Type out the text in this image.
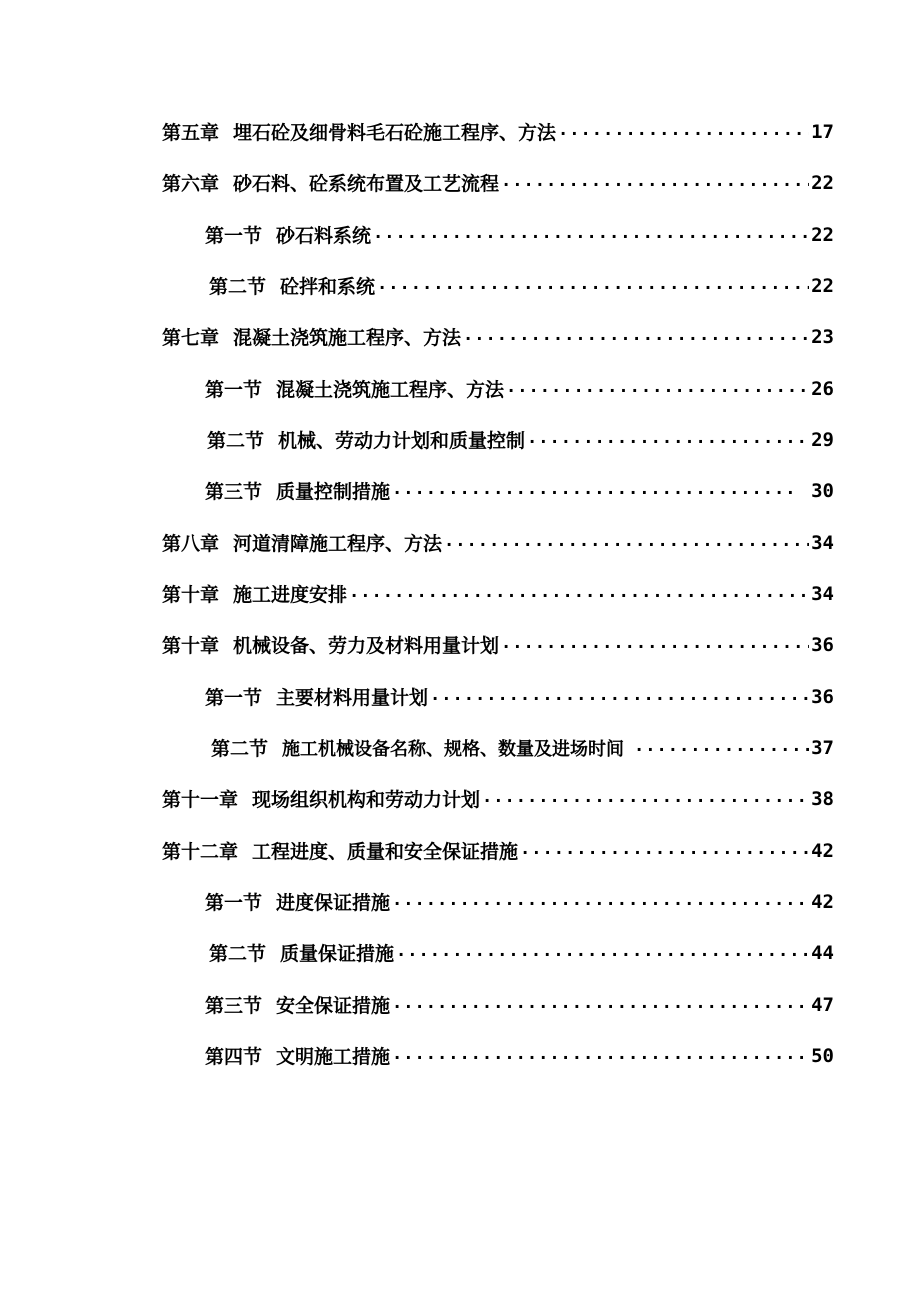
第五章 埋石砼及细骨料毛石砼施工程序、方法 .....	17
第六章 砂石料、砼系统布置及工艺流程 .....	22
第一节 砂石料系统 .....	22
第二节 砼拌和系统 .....	22
第七章 混凝土浇筑施工程序、方法 .....	23
第一节 混凝土浇筑施工程序、方法 .....	26
第二节 机械、劳动力计划和质量控制 .....	29
第三节 质量控制措施 .....	30
第八章 河道清障施工程序、方法 .....	34
第十章 施工进度安排 .....	34
第十章 机械设备、劳力及材料用量计划 .....	36
第一节 主要材料用量计划 .....	36
第二节 施工机械设备名称、规格、数量及进场时间 .....	37
第十一章 现场组织机构和劳动力计划 .....	38
第十二章 工程进度、质量和安全保证措施 .....	42
第一节 进度保证措施 .....	42
第二节 质量保证措施 .....	44
第三节 安全保证措施 .....	47
第四节 文明施工措施 .....	50
